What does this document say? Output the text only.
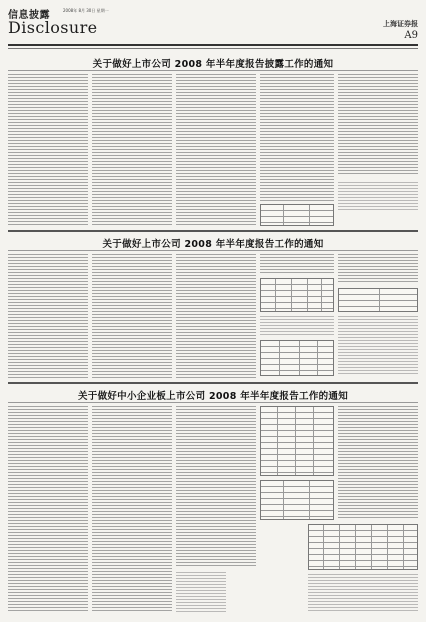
信息披露	2008年 8月 30日 星期一
Disclosure	上海证券报
A9
关于做好上市公司 2008 年半年度报告披露工作的通知
关于做好上市公司 2008 年半年度报告工作的通知
关于做好中小企业板上市公司 2008 年半年度报告工作的通知
